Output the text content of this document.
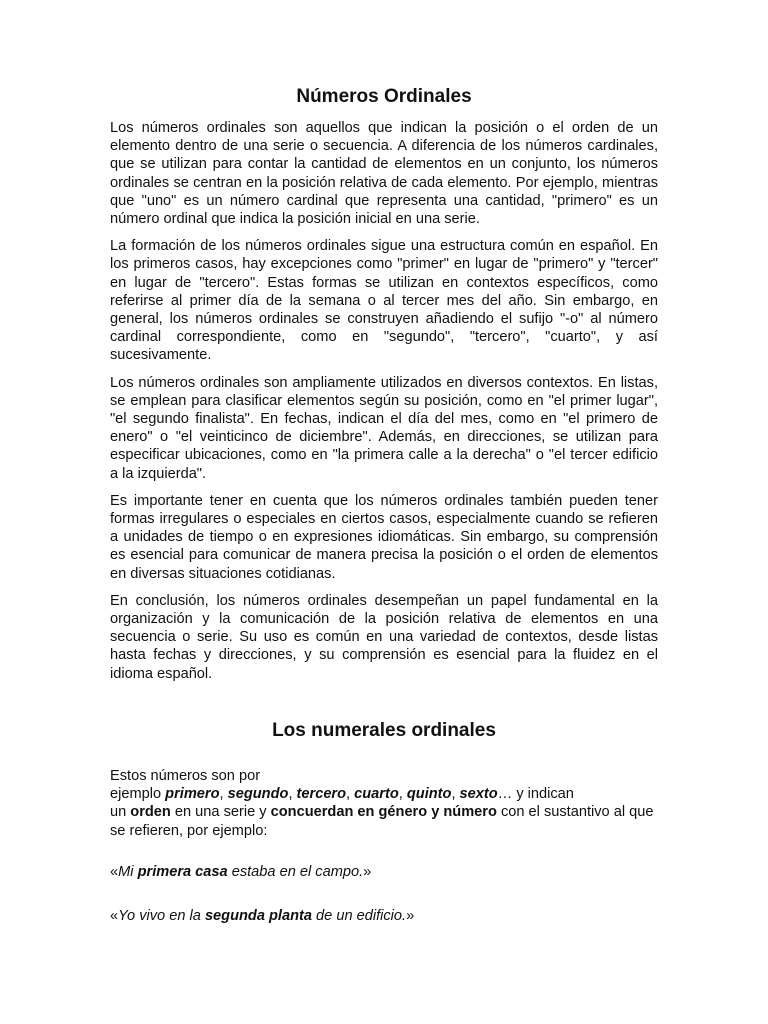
Números Ordinales

Los números ordinales son aquellos que indican la posición o el orden de un elemento dentro de una serie o secuencia. A diferencia de los números cardinales, que se utilizan para contar la cantidad de elementos en un conjunto, los números ordinales se centran en la posición relativa de cada elemento. Por ejemplo, mientras que "uno" es un número cardinal que representa una cantidad, "primero" es un número ordinal que indica la posición inicial en una serie.

La formación de los números ordinales sigue una estructura común en español. En los primeros casos, hay excepciones como "primer" en lugar de "primero" y "tercer" en lugar de "tercero". Estas formas se utilizan en contextos específicos, como referirse al primer día de la semana o al tercer mes del año. Sin embargo, en general, los números ordinales se construyen añadiendo el sufijo "-o" al número cardinal correspondiente, como en "segundo", "tercero", "cuarto", y así sucesivamente.

Los números ordinales son ampliamente utilizados en diversos contextos. En listas, se emplean para clasificar elementos según su posición, como en "el primer lugar", "el segundo finalista". En fechas, indican el día del mes, como en "el primero de enero" o "el veinticinco de diciembre". Además, en direcciones, se utilizan para especificar ubicaciones, como en "la primera calle a la derecha" o "el tercer edificio a la izquierda".

Es importante tener en cuenta que los números ordinales también pueden tener formas irregulares o especiales en ciertos casos, especialmente cuando se refieren a unidades de tiempo o en expresiones idiomáticas. Sin embargo, su comprensión es esencial para comunicar de manera precisa la posición o el orden de elementos en diversas situaciones cotidianas.

En conclusión, los números ordinales desempeñan un papel fundamental en la organización y la comunicación de la posición relativa de elementos en una secuencia o serie. Su uso es común en una variedad de contextos, desde listas hasta fechas y direcciones, y su comprensión es esencial para la fluidez en el idioma español.

Los numerales ordinales

Estos números son por
ejemplo primero, segundo, tercero, cuarto, quinto, sexto… y indican
un orden en una serie y concuerdan en género y número con el sustantivo al que se refieren, por ejemplo:

«Mi primera casa estaba en el campo.»

«Yo vivo en la segunda planta de un edificio.»
